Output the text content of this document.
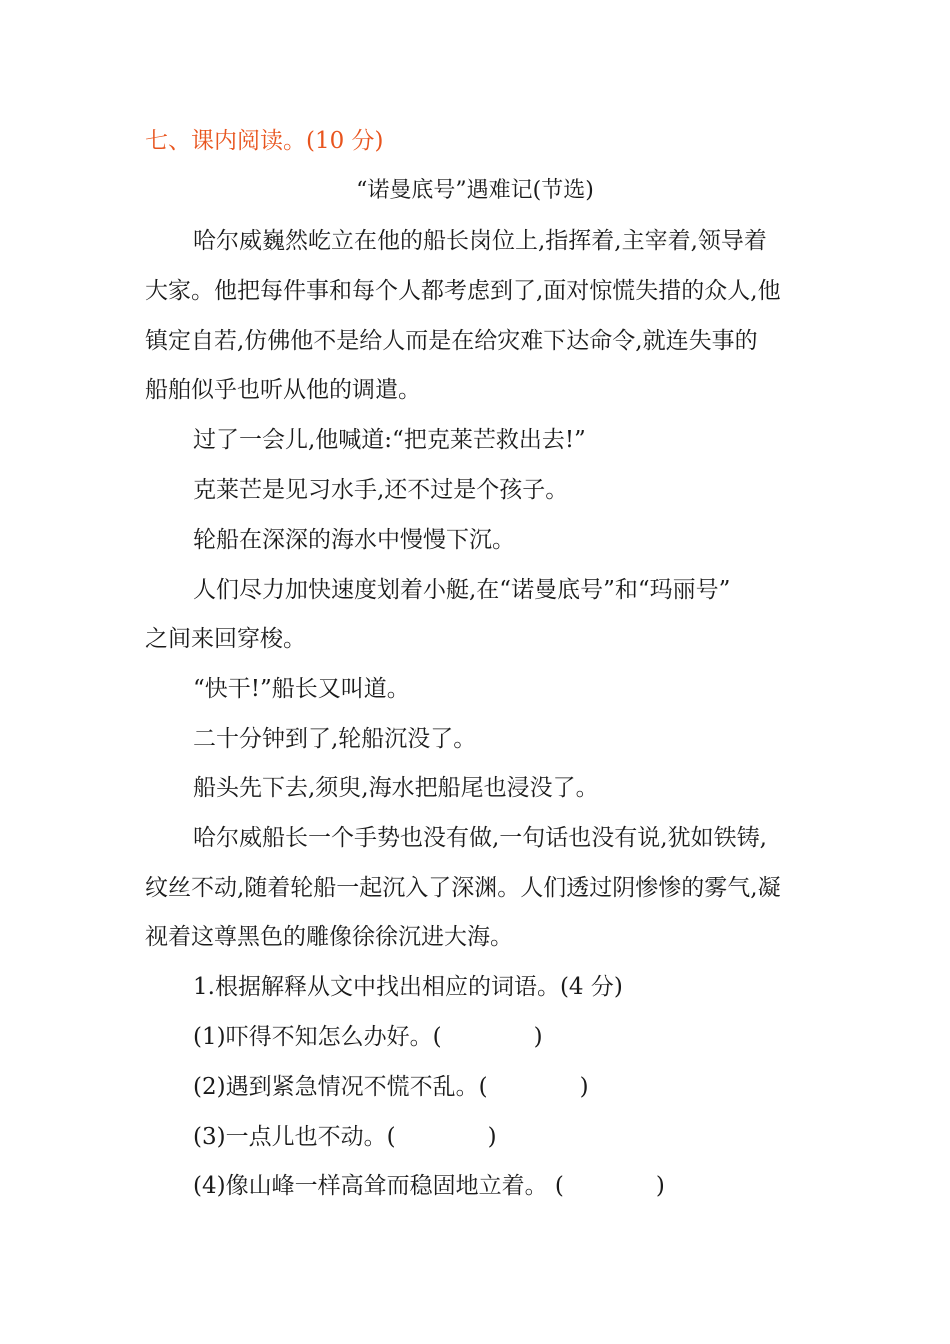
七、课内阅读。(10 分)
“诺曼底号”遇难记(节选)
哈尔威巍然屹立在他的船长岗位上,指挥着,主宰着,领导着
大家。他把每件事和每个人都考虑到了,面对惊慌失措的众人,他
镇定自若,仿佛他不是给人而是在给灾难下达命令,就连失事的
船舶似乎也听从他的调遣。
过了一会儿,他喊道:“把克莱芒救出去!”
克莱芒是见习水手,还不过是个孩子。
轮船在深深的海水中慢慢下沉。
人们尽力加快速度划着小艇,在“诺曼底号”和“玛丽号”
之间来回穿梭。
“快干!”船长又叫道。
二十分钟到了,轮船沉没了。
船头先下去,须臾,海水把船尾也浸没了。
哈尔威船长一个手势也没有做,一句话也没有说,犹如铁铸,
纹丝不动,随着轮船一起沉入了深渊。人们透过阴惨惨的雾气,凝
视着这尊黑色的雕像徐徐沉进大海。
1.根据解释从文中找出相应的词语。(4 分)
(1)吓得不知怎么办好。(	)
(2)遇到紧急情况不慌不乱。(	)
(3)一点儿也不动。(	)
(4)像山峰一样高耸而稳固地立着。 (	)
